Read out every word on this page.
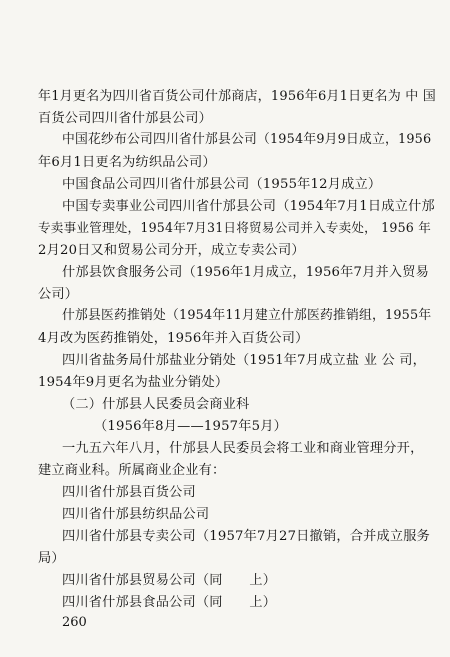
年1月更名为四川省百货公司什邡商店，1956年6月1日更名为 中 国
百货公司四川省什邡县公司）
中国花纱布公司四川省什邡县公司（1954年9月9日成立，1956
年6月1日更名为纺织品公司）
中国食品公司四川省什邡县公司（1955年12月成立）
中国专卖事业公司四川省什邡县公司（1954年7月1日成立什邡
专卖事业管理处，1954年7月31日将贸易公司并入专卖处， 1956 年
2月20日又和贸易公司分开，成立专卖公司）
什邡县饮食服务公司（1956年1月成立，1956年7月并入贸易
公司）
什邡县医药推销处（1954年11月建立什邡医药推销组，1955年
4月改为医药推销处，1956年并入百货公司）
四川省盐务局什邡盐业分销处（1951年7月成立盐 业 公 司，
1954年9月更名为盐业分销处）
（二）什邡县人民委员会商业科
（1956年8月——1957年5月）
一九五六年八月，什邡县人民委员会将工业和商业管理分开，
建立商业科。所属商业企业有：
四川省什邡县百货公司
四川省什邡县纺织品公司
四川省什邡县专卖公司（1957年7月27日撤销，合并成立服务
局）
四川省什邡县贸易公司（同　　上）
四川省什邡县食品公司（同　　上）
260
